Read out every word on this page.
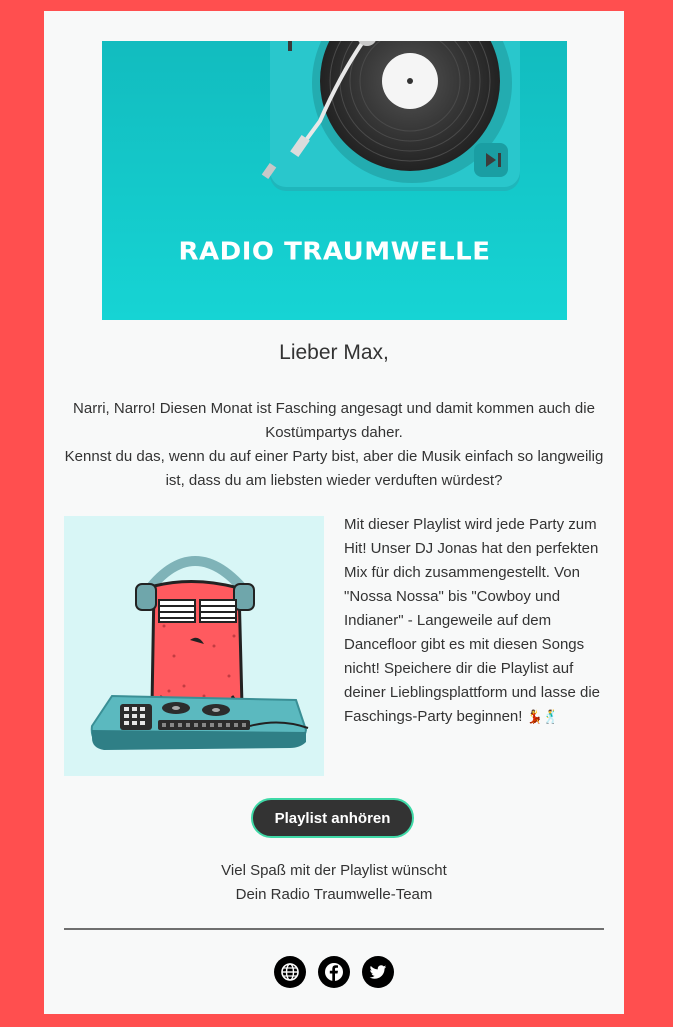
RADIO TRAUMWELLE
Lieber Max,

Narri, Narro! Diesen Monat ist Fasching angesagt und damit kommen auch die Kostümpartys daher.

Kennst du das, wenn du auf einer Party bist, aber die Musik einfach so langweilig ist, dass du am liebsten wieder verduften würdest?

Mit dieser Playlist wird jede Party zum Hit! Unser DJ Jonas hat den perfekten Mix für dich zusammengestellt. Von "Nossa Nossa" bis "Cowboy und Indianer" - Langeweile auf dem Dancefloor gibt es mit diesen Songs nicht! Speichere dir die Playlist auf deiner Lieblingsplattform und lasse die Faschings-Party beginnen! 💃🕺
Playlist anhören

Viel Spaß mit der Playlist wünscht

Dein Radio Traumwelle-Team
